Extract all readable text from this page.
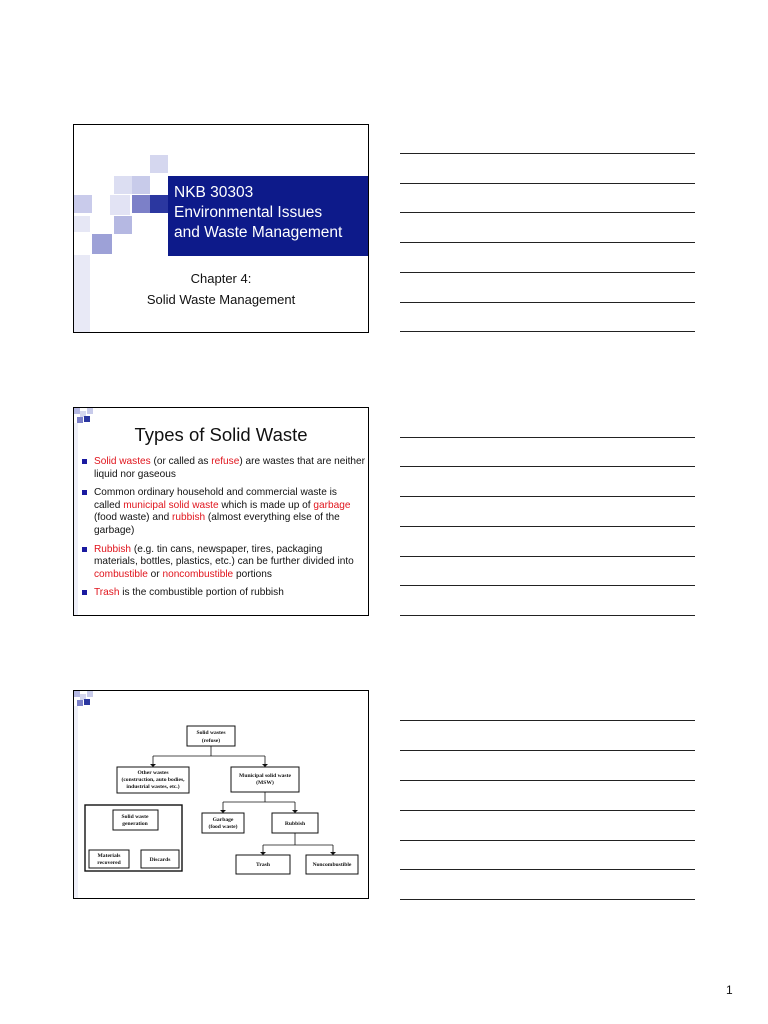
NKB 30303
Environmental Issues
and Waste Management
Chapter 4:
Solid Waste Management
Types of Solid Waste
Solid wastes (or called as refuse) are wastes that are neither liquid nor gaseous
Common ordinary household and commercial waste is called municipal solid waste which is made up of garbage (food waste) and rubbish (almost everything else of the garbage)
Rubbish (e.g. tin cans, newspaper, tires, packaging materials, bottles, plastics, etc.) can be further divided into combustible or noncombustible portions
Trash is the combustible portion of rubbish
Solid wastes
(refuse)
Other wastes
(construction, auto bodies,
industrial wastes, etc.)
Municipal solid waste
(MSW)
Garbage
(food waste)	Rubbish
Trash	Noncombustible
Solid waste
generation
Materials
recovered	Discards
1
